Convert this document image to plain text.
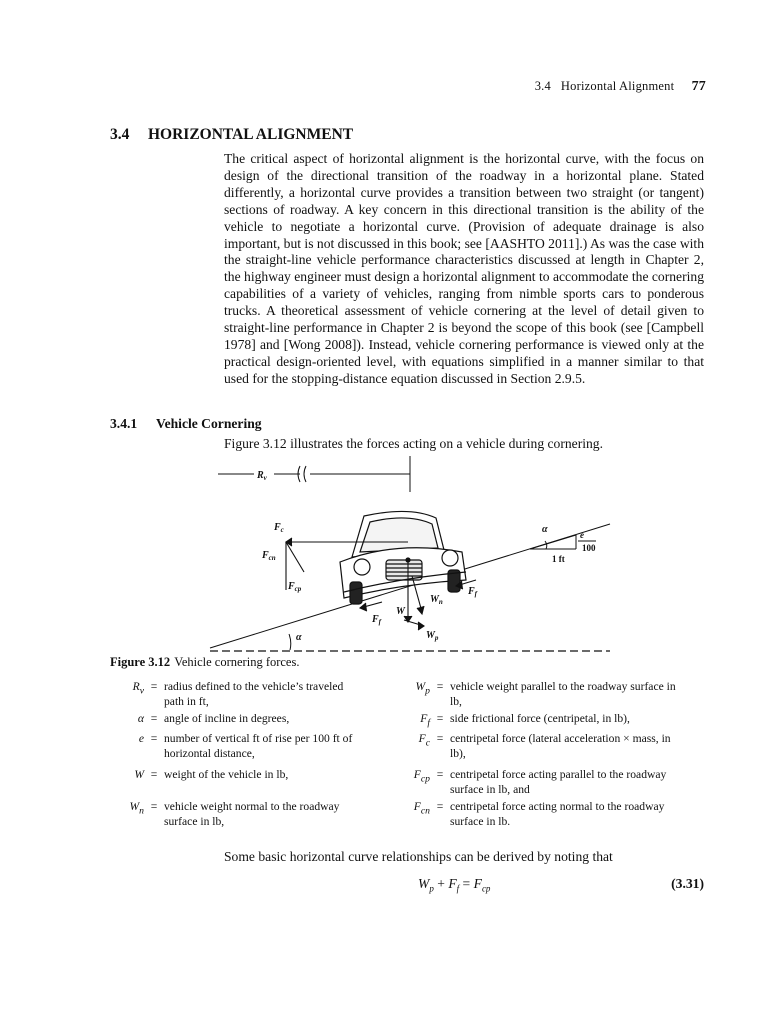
3.4 Horizontal Alignment 77
3.4 HORIZONTAL ALIGNMENT
The critical aspect of horizontal alignment is the horizontal curve, with the focus on design of the directional transition of the roadway in a horizontal plane. Stated differently, a horizontal curve provides a transition between two straight (or tangent) sections of roadway. A key concern in this directional transition is the ability of the vehicle to negotiate a horizontal curve. (Provision of adequate drainage is also important, but is not discussed in this book; see [AASHTO 2011].) As was the case with the straight-line vehicle performance characteristics discussed at length in Chapter 2, the highway engineer must design a horizontal alignment to accommodate the cornering capabilities of a variety of vehicles, ranging from nimble sports cars to ponderous trucks. A theoretical assessment of vehicle cornering at the level of detail given to straight-line performance in Chapter 2 is beyond the scope of this book (see [Campbell 1978] and [Wong 2008]). Instead, vehicle cornering performance is viewed only at the practical design-oriented level, with equations simplified in a manner similar to that used for the stopping-distance equation discussed in Section 2.9.5.
3.4.1 Vehicle Cornering
Figure 3.12 illustrates the forces acting on a vehicle during cornering.
$R_v$
α
α	e
100
1 ft
$F_c$
$F_{cn}$
$F_{cp}$
W
$W_n$
$W_p$
$F_f$
$F_f$
Figure 3.12 Vehicle cornering forces.
$R_v$ = radius defined to the vehicle’s traveled
path in ft,
α = angle of incline in degrees,
e = number of vertical ft of rise per 100 ft of
horizontal distance,
W = weight of the vehicle in lb,
$W_n$ = vehicle weight normal to the roadway
surface in lb,
$W_p$ = vehicle weight parallel to the roadway surface in
lb,
$F_f$ = side frictional force (centripetal, in lb),
$F_c$ = centripetal force (lateral acceleration × mass, in
lb),
$F_{cp}$ = centripetal force acting parallel to the roadway
surface in lb, and
$F_{cn}$ = centripetal force acting normal to the roadway
surface in lb.
Some basic horizontal curve relationships can be derived by noting that
$W_p + F_f = F_{cp}$	(3.31)
